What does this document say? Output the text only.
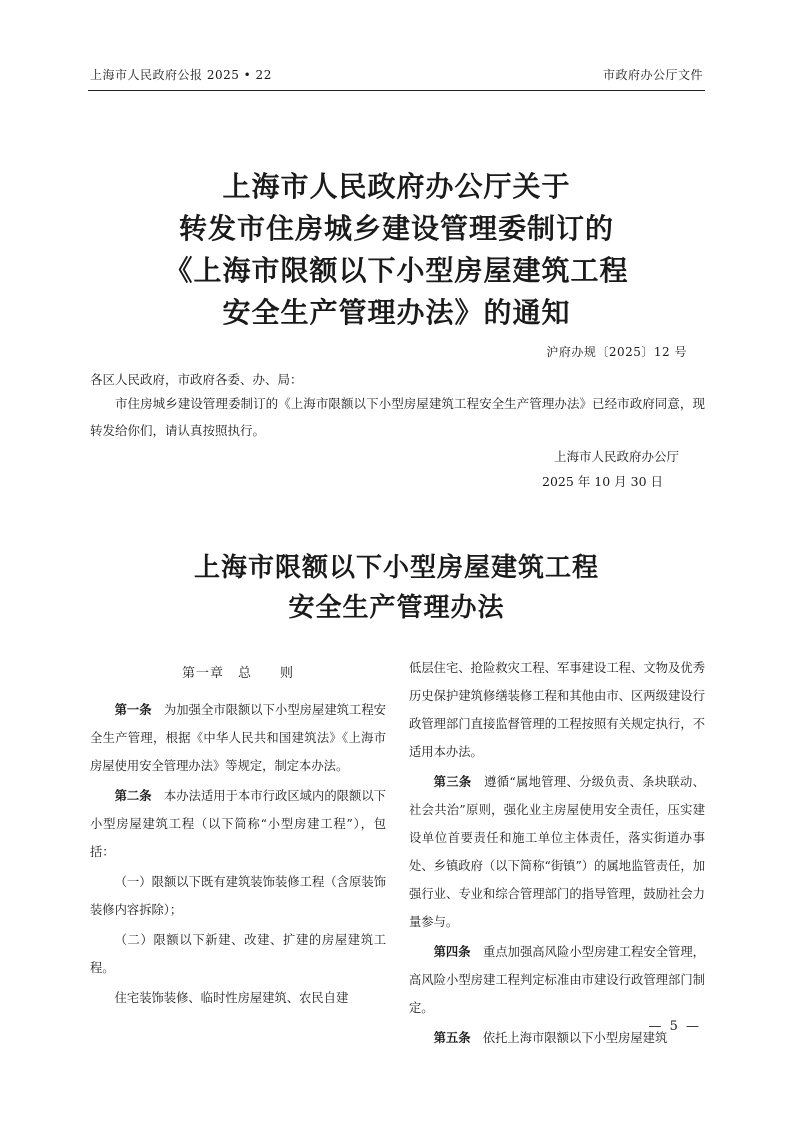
上海市人民政府公报 2025 • 22	市政府办公厅文件
上海市人民政府办公厅关于
转发市住房城乡建设管理委制订的
《上海市限额以下小型房屋建筑工程
安全生产管理办法》的通知
沪府办规〔2025〕12 号

各区人民政府，市政府各委、办、局：

市住房城乡建设管理委制订的《上海市限额以下小型房屋建筑工程安全生产管理办法》已经市政府同意，现转发给你们，请认真按照执行。

上海市人民政府办公厅
2025 年 10 月 30 日
上海市限额以下小型房屋建筑工程
安全生产管理办法
第一章　总　　则

第一条　 为加强全市限额以下小型房屋建筑工程安全生产管理，根据《中华人民共和国建筑法》《上海市房屋使用安全管理办法》等规定，制定本办法。

第二条　 本办法适用于本市行政区域内的限额以下小型房屋建筑工程（以下简称“小型房建工程”），包括：

（一）限额以下既有建筑装饰装修工程（含原装饰装修内容拆除）；

（二）限额以下新建、改建、扩建的房屋建筑工程。

住宅装饰装修、临时性房屋建筑、农民自建

低层住宅、抢险救灾工程、军事建设工程、文物及优秀历史保护建筑修缮装修工程和其他由市、区两级建设行政管理部门直接监督管理的工程按照有关规定执行，不适用本办法。

第三条　 遵循“属地管理、分级负责、条块联动、社会共治”原则，强化业主房屋使用安全责任，压实建设单位首要责任和施工单位主体责任，落实街道办事处、乡镇政府（以下简称“街镇”）的属地监管责任，加强行业、专业和综合管理部门的指导管理，鼓励社会力量参与。

第四条　 重点加强高风险小型房建工程安全管理，高风险小型房建工程判定标准由市建设行政管理部门制定。

第五条　 依托上海市限额以下小型房屋建筑

— 5 —
